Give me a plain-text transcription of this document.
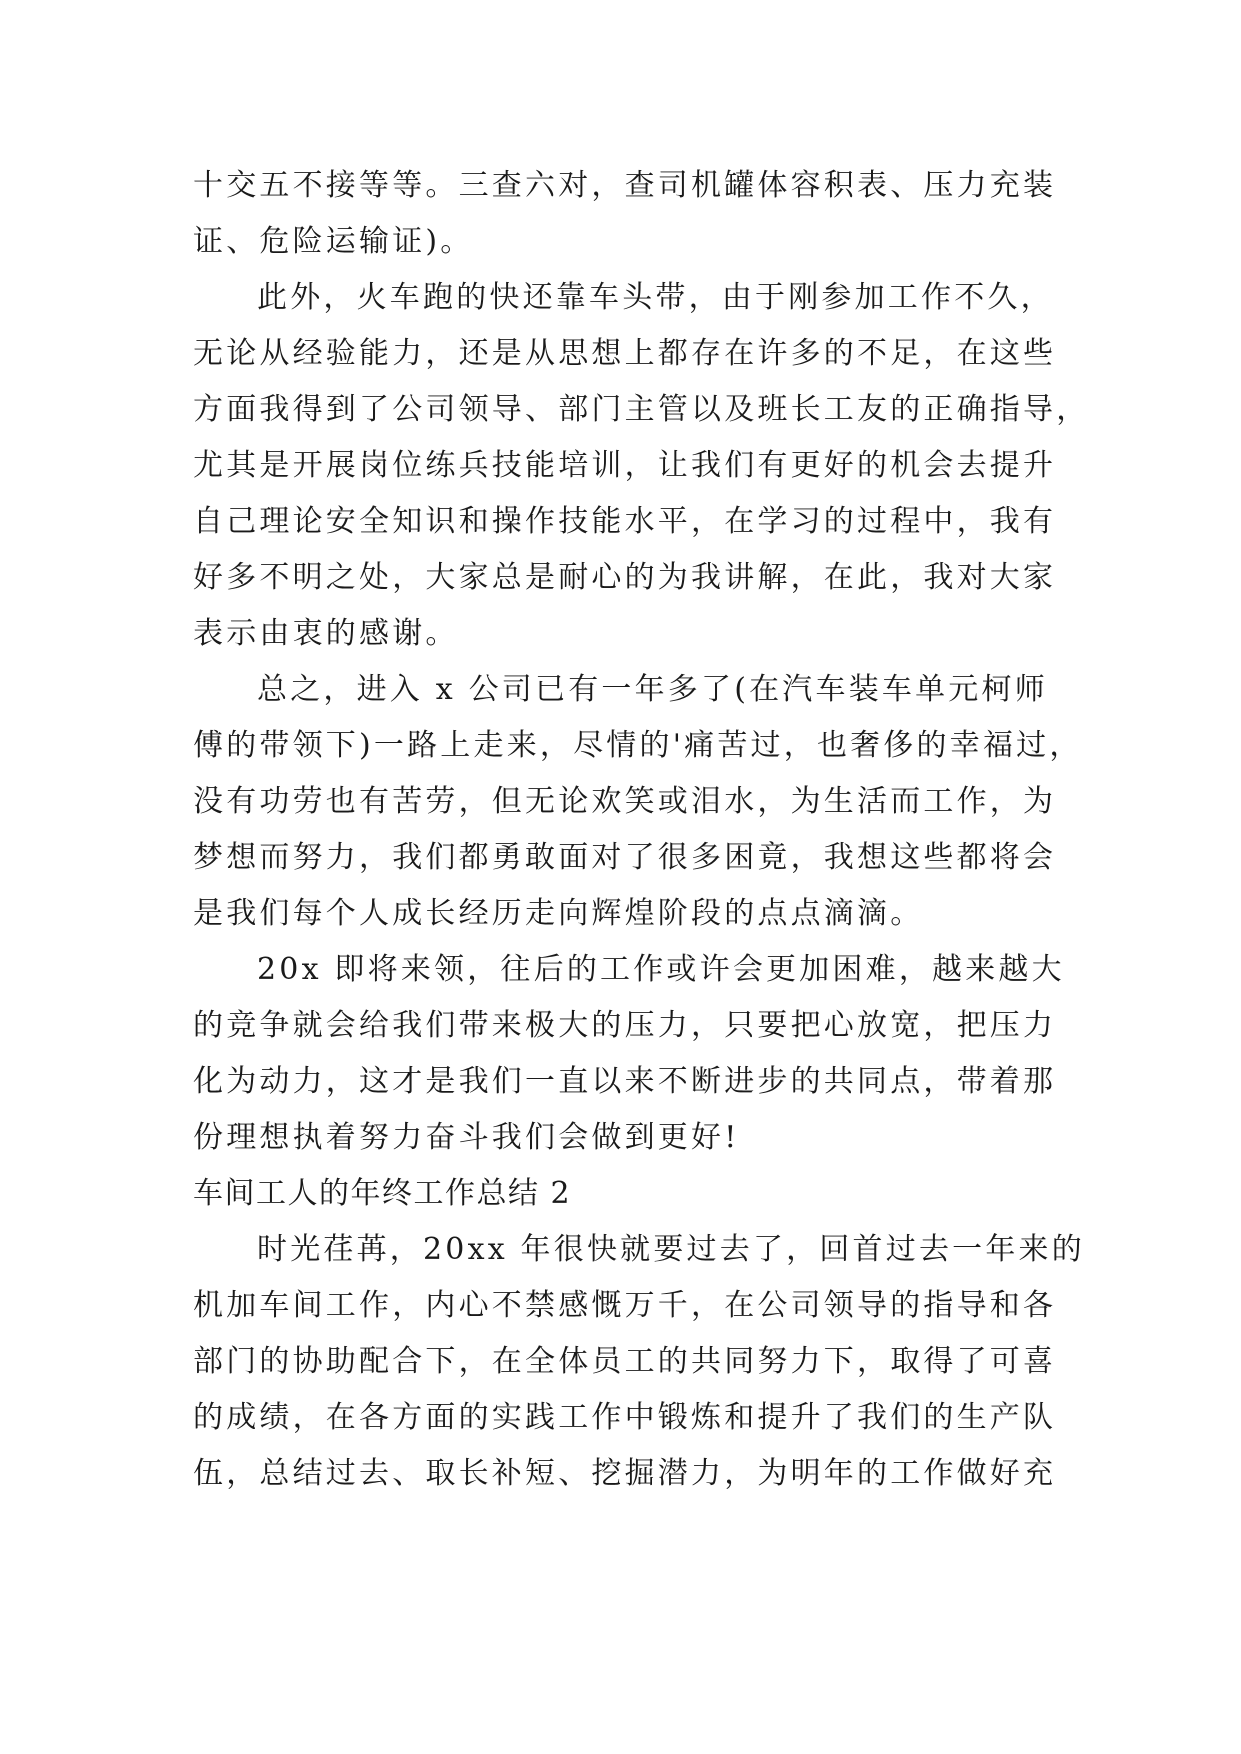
十交五不接等等。三查六对，查司机罐体容积表、压力充装
证、危险运输证)。
此外，火车跑的快还靠车头带，由于刚参加工作不久，
无论从经验能力，还是从思想上都存在许多的不足，在这些
方面我得到了公司领导、部门主管以及班长工友的正确指导，
尤其是开展岗位练兵技能培训，让我们有更好的机会去提升
自己理论安全知识和操作技能水平，在学习的过程中，我有
好多不明之处，大家总是耐心的为我讲解，在此，我对大家
表示由衷的感谢。
总之，进入 x 公司已有一年多了(在汽车装车单元柯师
傅的带领下)一路上走来，尽情的'痛苦过，也奢侈的幸福过，
没有功劳也有苦劳，但无论欢笑或泪水，为生活而工作，为
梦想而努力，我们都勇敢面对了很多困竟，我想这些都将会
是我们每个人成长经历走向辉煌阶段的点点滴滴。
20x 即将来领，往后的工作或许会更加困难，越来越大
的竞争就会给我们带来极大的压力，只要把心放宽，把压力
化为动力，这才是我们一直以来不断进步的共同点，带着那
份理想执着努力奋斗我们会做到更好!
车间工人的年终工作总结 2
时光荏苒，20xx 年很快就要过去了，回首过去一年来的
机加车间工作，内心不禁感慨万千，在公司领导的指导和各
部门的协助配合下，在全体员工的共同努力下，取得了可喜
的成绩，在各方面的实践工作中锻炼和提升了我们的生产队
伍，总结过去、取长补短、挖掘潜力，为明年的工作做好充
